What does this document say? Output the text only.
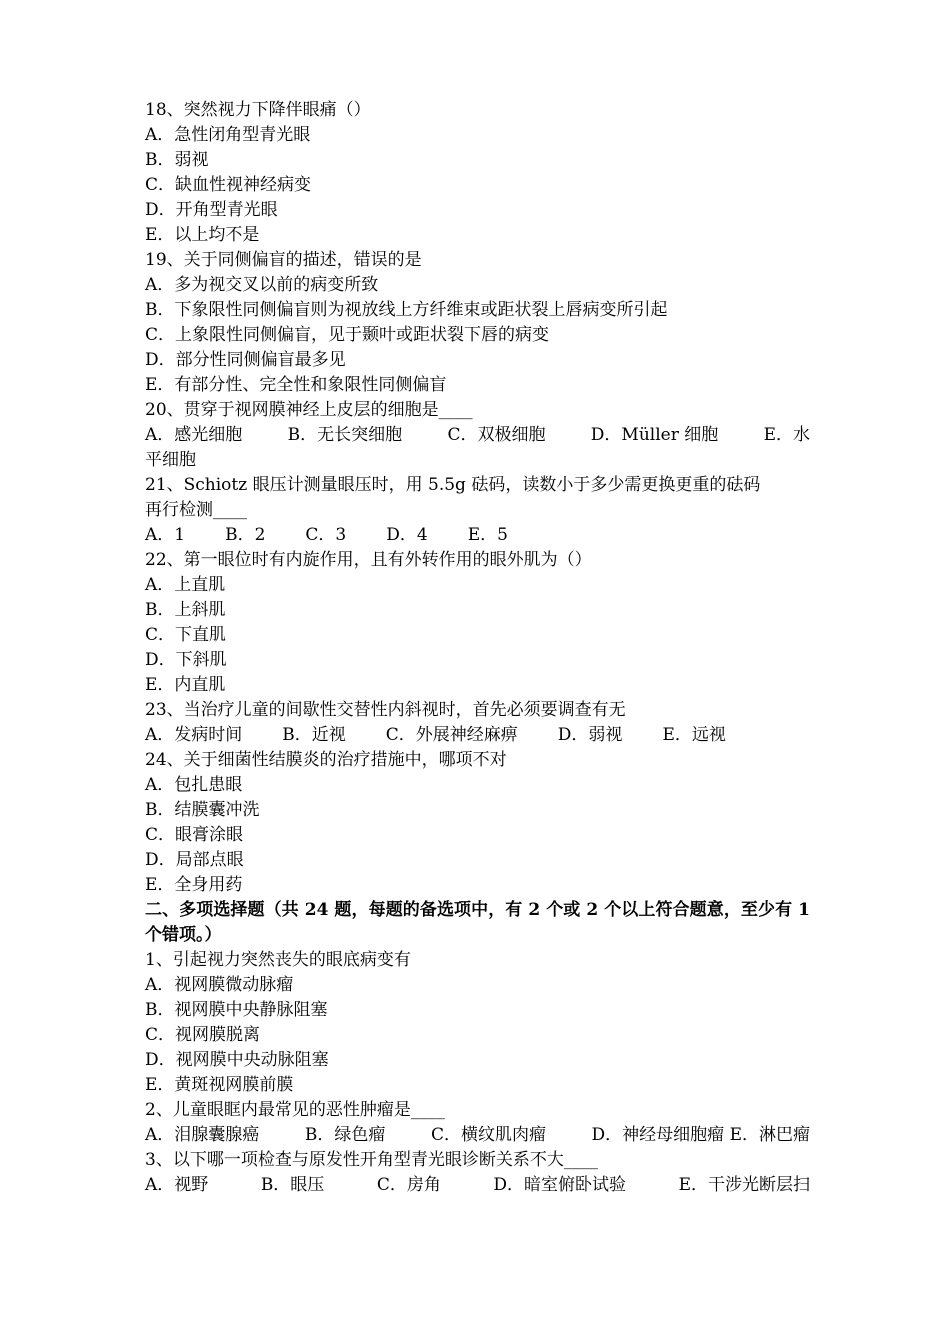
18、突然视力下降伴眼痛（）
A．急性闭角型青光眼
B．弱视
C．缺血性视神经病变
D．开角型青光眼
E．以上均不是
19、关于同侧偏盲的描述，错误的是
A．多为视交叉以前的病变所致
B．下象限性同侧偏盲则为视放线上方纤维束或距状裂上唇病变所引起
C．上象限性同侧偏盲，见于颞叶或距状裂下唇的病变
D．部分性同侧偏盲最多见
E．有部分性、完全性和象限性同侧偏盲
20、贯穿于视网膜神经上皮层的细胞是____
A．感光细胞	B．无长突细胞	C．双极细胞	D．Müller 细胞	E．水
平细胞
21、Schiotz 眼压计测量眼压时，用 5.5g 砝码，读数小于多少需更换更重的砝码
再行检测____
A．1 B．2 C．3 D．4 E．5
22、第一眼位时有内旋作用，且有外转作用的眼外肌为（）
A．上直肌
B．上斜肌
C．下直肌
D．下斜肌
E．内直肌
23、当治疗儿童的间歇性交替性内斜视时，首先必须要调查有无
A．发病时间 B．近视 C．外展神经麻痹 D．弱视 E．远视
24、关于细菌性结膜炎的治疗措施中，哪项不对
A．包扎患眼
B．结膜囊冲洗
C．眼膏涂眼
D．局部点眼
E．全身用药
二、多项选择题（共 24 题，每题的备选项中，有 2 个或 2 个以上符合题意，至少有 1 个错项。）
1、引起视力突然丧失的眼底病变有
A．视网膜微动脉瘤
B．视网膜中央静脉阻塞
C．视网膜脱离
D．视网膜中央动脉阻塞
E．黄斑视网膜前膜
2、儿童眼眶内最常见的恶性肿瘤是____
A．泪腺囊腺癌	B．绿色瘤	C．横纹肌肉瘤	D．神经母细胞瘤 E．淋巴瘤
3、以下哪一项检查与原发性开角型青光眼诊断关系不大____
A．视野	B．眼压	C．房角	D．暗室俯卧试验	E．干涉光断层扫
